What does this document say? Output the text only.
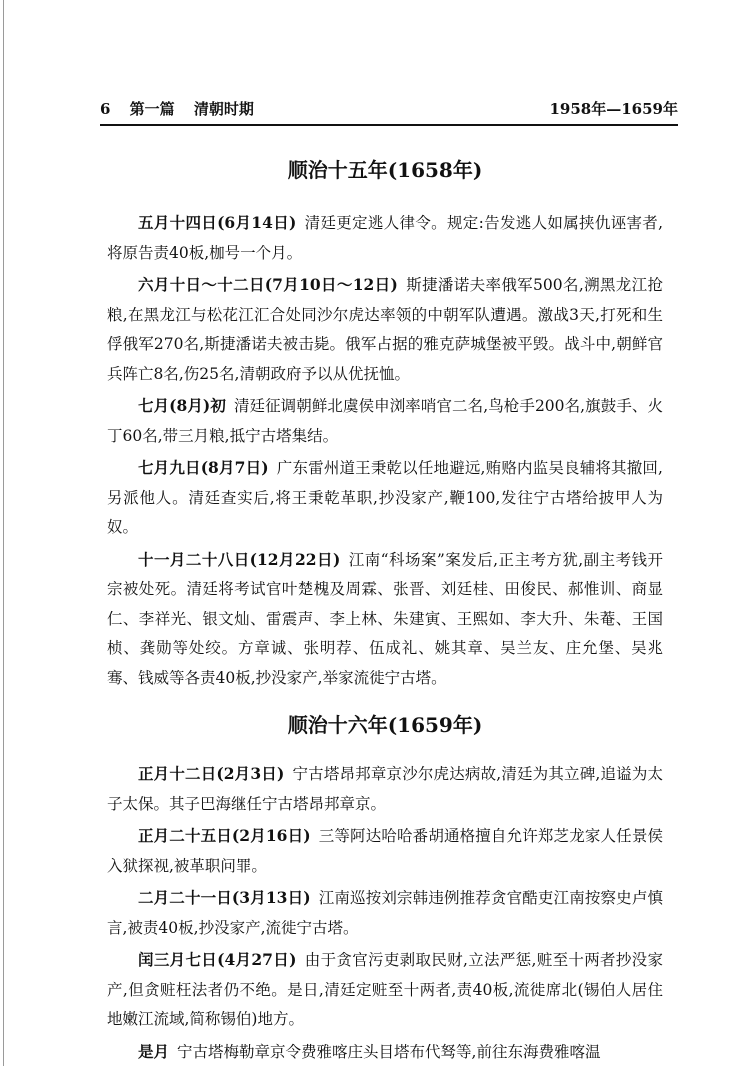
6 第一篇 清朝时期	1958年—1659年
顺治十五年(1658年)

五月十四日(6月14日) 清廷更定逃人律令。规定:告发逃人如属挟仇诬害者,将原告责40板,枷号一个月。

六月十日～十二日(7月10日～12日) 斯捷潘诺夫率俄军500名,溯黑龙江抢粮,在黑龙江与松花江汇合处同沙尔虎达率领的中朝军队遭遇。激战3天,打死和生俘俄军270名,斯捷潘诺夫被击毙。俄军占据的雅克萨城堡被平毁。战斗中,朝鲜官兵阵亡8名,伤25名,清朝政府予以从优抚恤。

七月(8月)初 清廷征调朝鲜北虞侯申浏率哨官二名,鸟枪手200名,旗鼓手、火丁60名,带三月粮,抵宁古塔集结。

七月九日(8月7日) 广东雷州道王秉乾以任地避远,贿赂内监吴良辅将其撤回,另派他人。清廷查实后,将王秉乾革职,抄没家产,鞭100,发往宁古塔给披甲人为奴。

十一月二十八日(12月22日) 江南“科场案”案发后,正主考方犹,副主考钱开宗被处死。清廷将考试官叶楚槐及周霖、张晋、刘廷桂、田俊民、郝惟训、商显仁、李祥光、银文灿、雷震声、李上林、朱建寅、王熙如、李大升、朱菴、王国桢、龚勋等处绞。方章诚、张明荐、伍成礼、姚其章、吴兰友、庄允堡、吴兆骞、钱威等各责40板,抄没家产,举家流徙宁古塔。

顺治十六年(1659年)

正月十二日(2月3日) 宁古塔昂邦章京沙尔虎达病故,清廷为其立碑,追谥为太子太保。其子巴海继任宁古塔昂邦章京。

正月二十五日(2月16日) 三等阿达哈哈番胡通格擅自允许郑芝龙家人任景侯入狱探视,被革职问罪。

二月二十一日(3月13日) 江南巡按刘宗韩违例推荐贪官酷吏江南按察史卢慎言,被责40板,抄没家产,流徙宁古塔。

闰三月七日(4月27日) 由于贪官污吏剥取民财,立法严惩,赃至十两者抄没家产,但贪赃枉法者仍不绝。是日,清廷定赃至十两者,责40板,流徙席北(锡伯人居住地嫩江流域,简称锡伯)地方。

是月 宁古塔梅勒章京令费雅喀庄头目塔布代驽等,前往东海费雅喀温
